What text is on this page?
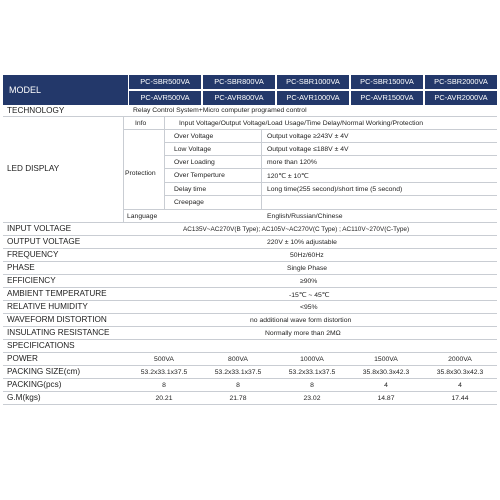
MODEL
PC-SBR500VA	PC-SBR800VA	PC-SBR1000VA	PC-SBR1500VA	PC-SBR2000VA
PC-AVR500VA	PC-AVR800VA	PC-AVR1000VA	PC-AVR1500VA	PC-AVR2000VA
TECHNOLOGY	Relay Control System+Micro computer programed control
LED DISPLAY
Info	Input Voltage/Output Voltage/Load Usage/Time Delay/Normal Working/Protection
Protection
Over Voltage	Output voltage ≥243V ± 4V
Low Voltage	Output voltage ≤188V ± 4V
Over Loading	more than 120%
Over Temperture	120℃ ± 10℃
Delay time	Long time(255 second)/short time (5 second)
Creepage
Language	English/Russian/Chinese
INPUT VOLTAGE	AC135V~AC270V(B Type); AC105V~AC270V(C Type) ; AC110V~270V(C-Type)
OUTPUT VOLTAGE	220V ± 10% adjustable
FREQUENCY	50Hz/60Hz
PHASE	Single Phase
EFFICIENCY	≥90%
AMBIENT TEMPERATURE	-15℃ ~ 45℃
RELATIVE HUMIDITY	<95%
WAVEFORM DISTORTION	no additional wave form distortion
INSULATING RESISTANCE	Normally more than 2MΩ
SPECIFICATIONS
POWER	500VA	800VA	1000VA	1500VA	2000VA
PACKING SIZE(cm)	53.2x33.1x37.5	53.2x33.1x37.5	53.2x33.1x37.5	35.8x30.3x42.3	35.8x30.3x42.3
PACKING(pcs)	8	8	8	4	4
G.M(kgs)	20.21	21.78	23.02	14.87	17.44
